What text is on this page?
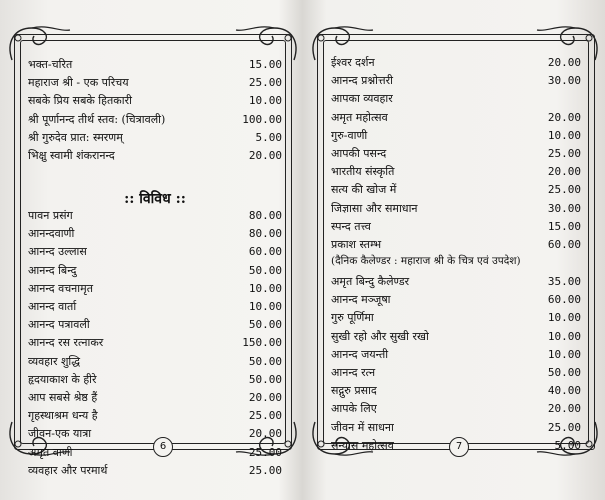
भक्त-चरित	15.00
महाराज श्री - एक परिचय	25.00
सबके प्रिय सबके हितकारी	10.00
श्री पूर्णानन्द तीर्थ स्तव: (चित्रावली)	100.00
श्री गुरुदेव प्रात: स्मरणम्	5.00
भिक्षु स्वामी शंकरानन्द	20.00
:: विविध ::
पावन प्रसंग	80.00
आनन्दवाणी	80.00
आनन्द उल्लास	60.00
आनन्द बिन्दु	50.00
आनन्द वचनामृत	10.00
आनन्द वार्ता	10.00
आनन्द पत्रावली	50.00
आनन्द रस रत्नाकर	150.00
व्यवहार शुद्धि	50.00
हृदयाकाश के हीरे	50.00
आप सबसे श्रेष्ठ हैं	20.00
गृहस्थाश्रम धन्य है	25.00
जीवन-एक यात्रा	20.00
अमृत वाणी	25.00
व्यवहार और परमार्थ	25.00
6
ईश्वर दर्शन	20.00
आनन्द प्रश्नोत्तरी	30.00
आपका व्यवहार
अमृत महोत्सव	20.00
गुरु-वाणी	10.00
आपकी पसन्द	25.00
भारतीय संस्कृति	20.00
सत्य की खोज में	25.00
जिज्ञासा और समाधान	30.00
स्पन्द तत्त्व	15.00
प्रकाश स्तम्भ	60.00
(दैनिक कैलेण्डर : महाराज श्री के चित्र एवं उपदेश)
अमृत बिन्दु कैलेण्डर	35.00
आनन्द मञ्जूषा	60.00
गुरु पूर्णिमा	10.00
सुखी रहो और सुखी रखो	10.00
आनन्द जयन्ती	10.00
आनन्द रत्न	50.00
सद्गुरु प्रसाद	40.00
आपके लिए	20.00
जीवन में साधना	25.00
संन्यास महोत्सव	5.00
7
